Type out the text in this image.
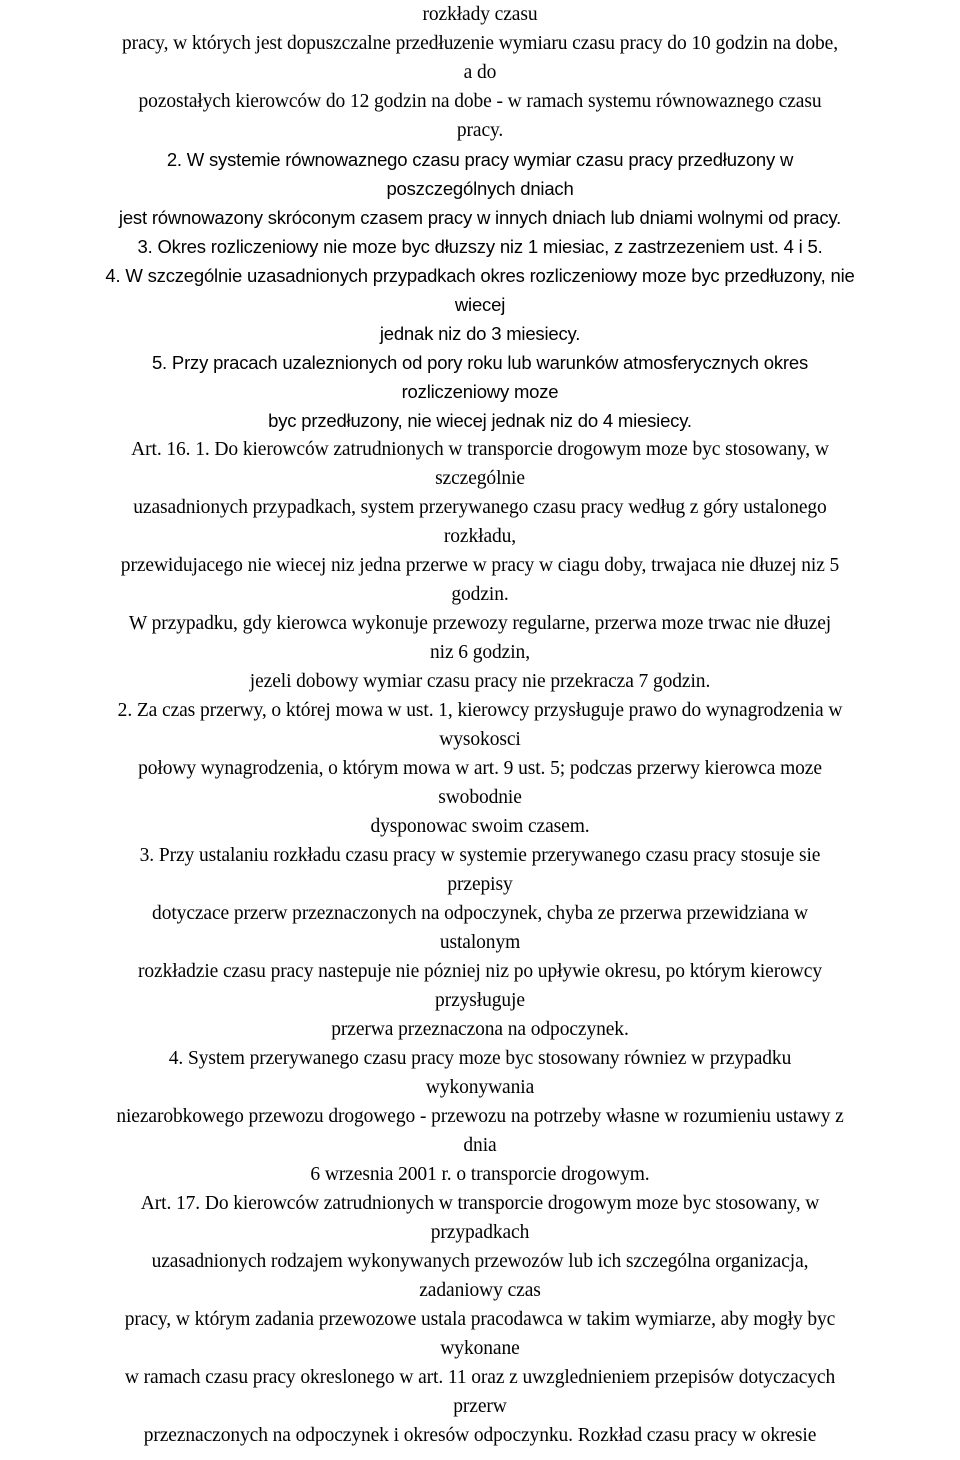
rozkłady czasu
pracy, w których jest dopuszczalne przedłuzenie wymiaru czasu pracy do 10 godzin na dobe,
a do
pozostałych kierowców do 12 godzin na dobe - w ramach systemu równowaznego czasu
pracy.
2. W systemie równowaznego czasu pracy wymiar czasu pracy przedłuzony w
poszczególnych dniach
jest równowazony skróconym czasem pracy w innych dniach lub dniami wolnymi od pracy.
3. Okres rozliczeniowy nie moze byc dłuzszy niz 1 miesiac, z zastrzezeniem ust. 4 i 5.
4. W szczególnie uzasadnionych przypadkach okres rozliczeniowy moze byc przedłuzony, nie
wiecej
jednak niz do 3 miesiecy.
5. Przy pracach uzaleznionych od pory roku lub warunków atmosferycznych okres
rozliczeniowy moze
byc przedłuzony, nie wiecej jednak niz do 4 miesiecy.
Art. 16. 1. Do kierowców zatrudnionych w transporcie drogowym moze byc stosowany, w
szczególnie
uzasadnionych przypadkach, system przerywanego czasu pracy według z góry ustalonego
rozkładu,
przewidujacego nie wiecej niz jedna przerwe w pracy w ciagu doby, trwajaca nie dłuzej niz 5
godzin.
W przypadku, gdy kierowca wykonuje przewozy regularne, przerwa moze trwac nie dłuzej
niz 6 godzin,
jezeli dobowy wymiar czasu pracy nie przekracza 7 godzin.
2. Za czas przerwy, o której mowa w ust. 1, kierowcy przysługuje prawo do wynagrodzenia w
wysokosci
połowy wynagrodzenia, o którym mowa w art. 9 ust. 5; podczas przerwy kierowca moze
swobodnie
dysponowac swoim czasem.
3. Przy ustalaniu rozkładu czasu pracy w systemie przerywanego czasu pracy stosuje sie
przepisy
dotyczace przerw przeznaczonych na odpoczynek, chyba ze przerwa przewidziana w
ustalonym
rozkładzie czasu pracy nastepuje nie pózniej niz po upływie okresu, po którym kierowcy
przysługuje
przerwa przeznaczona na odpoczynek.
4. System przerywanego czasu pracy moze byc stosowany równiez w przypadku
wykonywania
niezarobkowego przewozu drogowego - przewozu na potrzeby własne w rozumieniu ustawy z
dnia
6 wrzesnia 2001 r. o transporcie drogowym.
Art. 17. Do kierowców zatrudnionych w transporcie drogowym moze byc stosowany, w
przypadkach
uzasadnionych rodzajem wykonywanych przewozów lub ich szczególna organizacja,
zadaniowy czas
pracy, w którym zadania przewozowe ustala pracodawca w takim wymiarze, aby mogły byc
wykonane
w ramach czasu pracy okreslonego w art. 11 oraz z uwzglednieniem przepisów dotyczacych
przerw
przeznaczonych na odpoczynek i okresów odpoczynku. Rozkład czasu pracy w okresie
